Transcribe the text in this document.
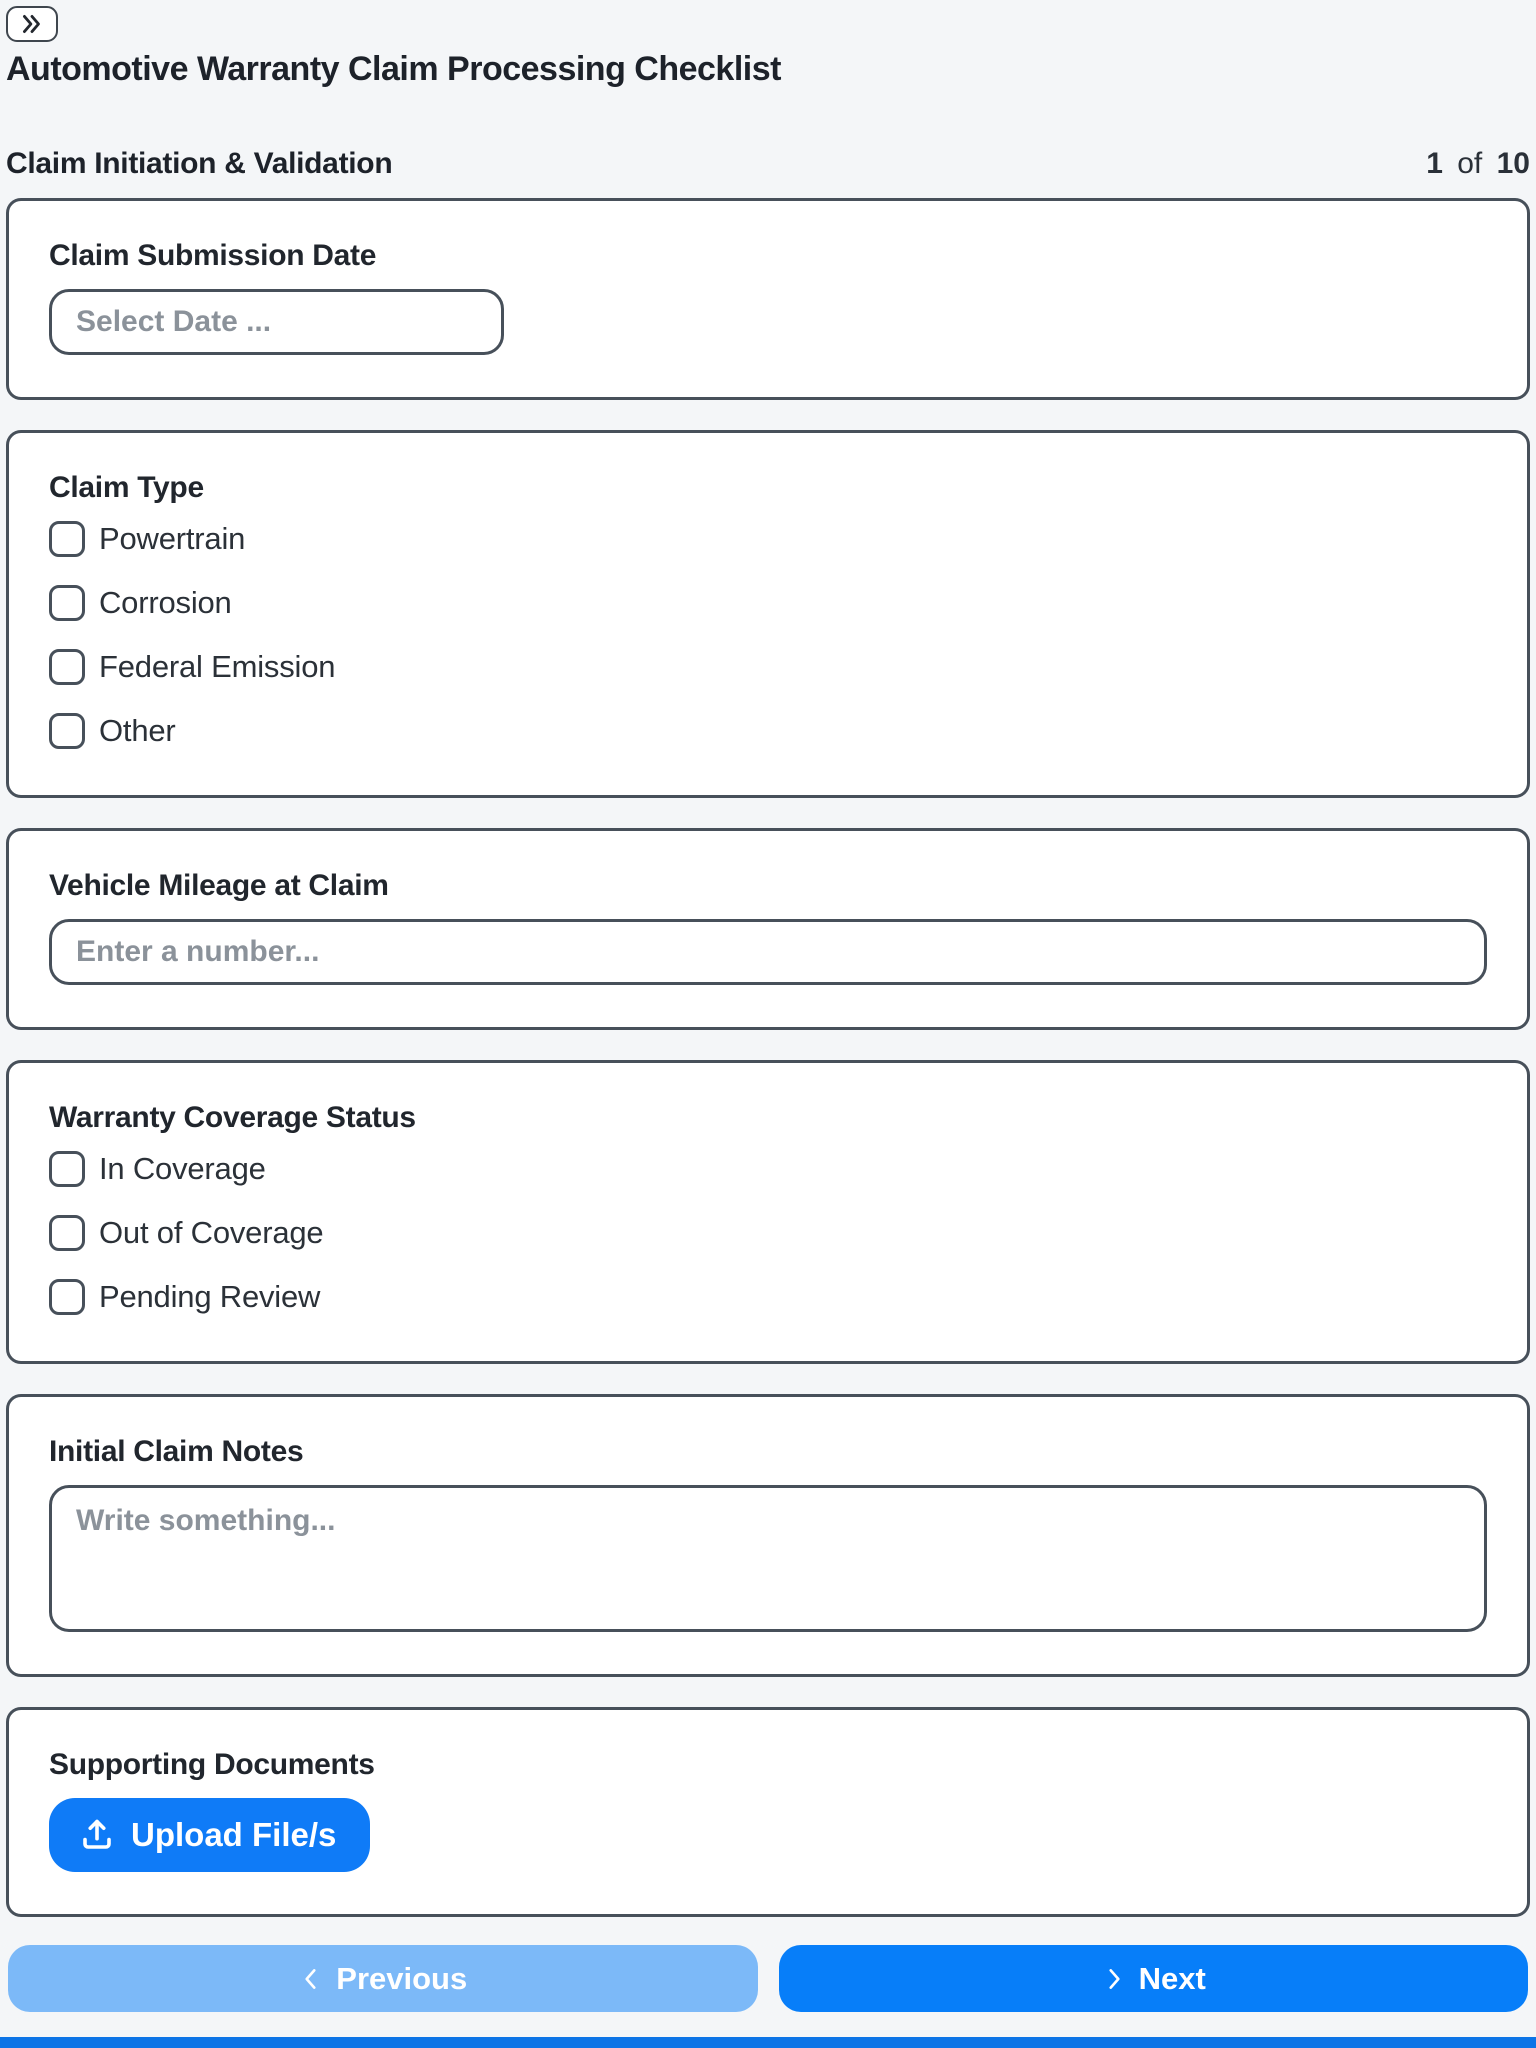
Automotive Warranty Claim Processing Checklist
Claim Initiation & Validation	1 of 10
Claim Submission Date
Select Date ...
Claim Type
Powertrain
Corrosion
Federal Emission
Other
Vehicle Mileage at Claim
Enter a number...
Warranty Coverage Status
In Coverage
Out of Coverage
Pending Review
Initial Claim Notes
Write something...
Supporting Documents
Upload File/s
Previous	Next
